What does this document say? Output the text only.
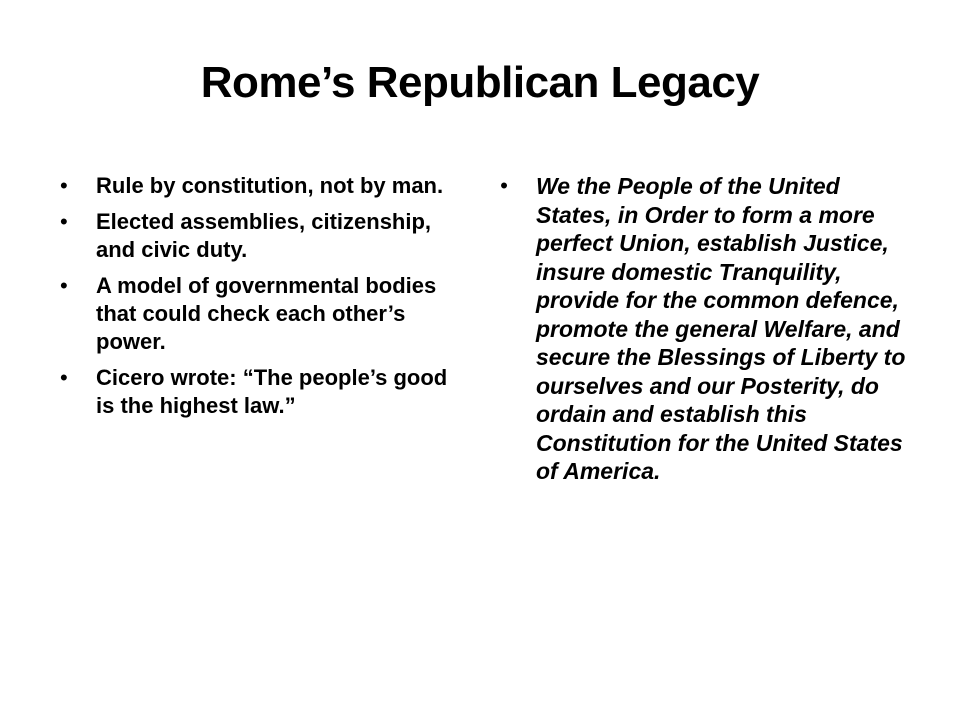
Rome’s Republican Legacy
•	Rule by constitution, not by man.
•	Elected assemblies, citizenship, and civic duty.
•	A model of governmental bodies that could check each other’s power.
•	Cicero wrote: “The people’s good is the highest law.”
•	We the People of the United States, in Order to form a more perfect Union, establish Justice, insure domestic Tranquility, provide for the common defence, promote the general Welfare, and secure the Blessings of Liberty to ourselves and our Posterity, do ordain and establish this Constitution for the United States of America.
